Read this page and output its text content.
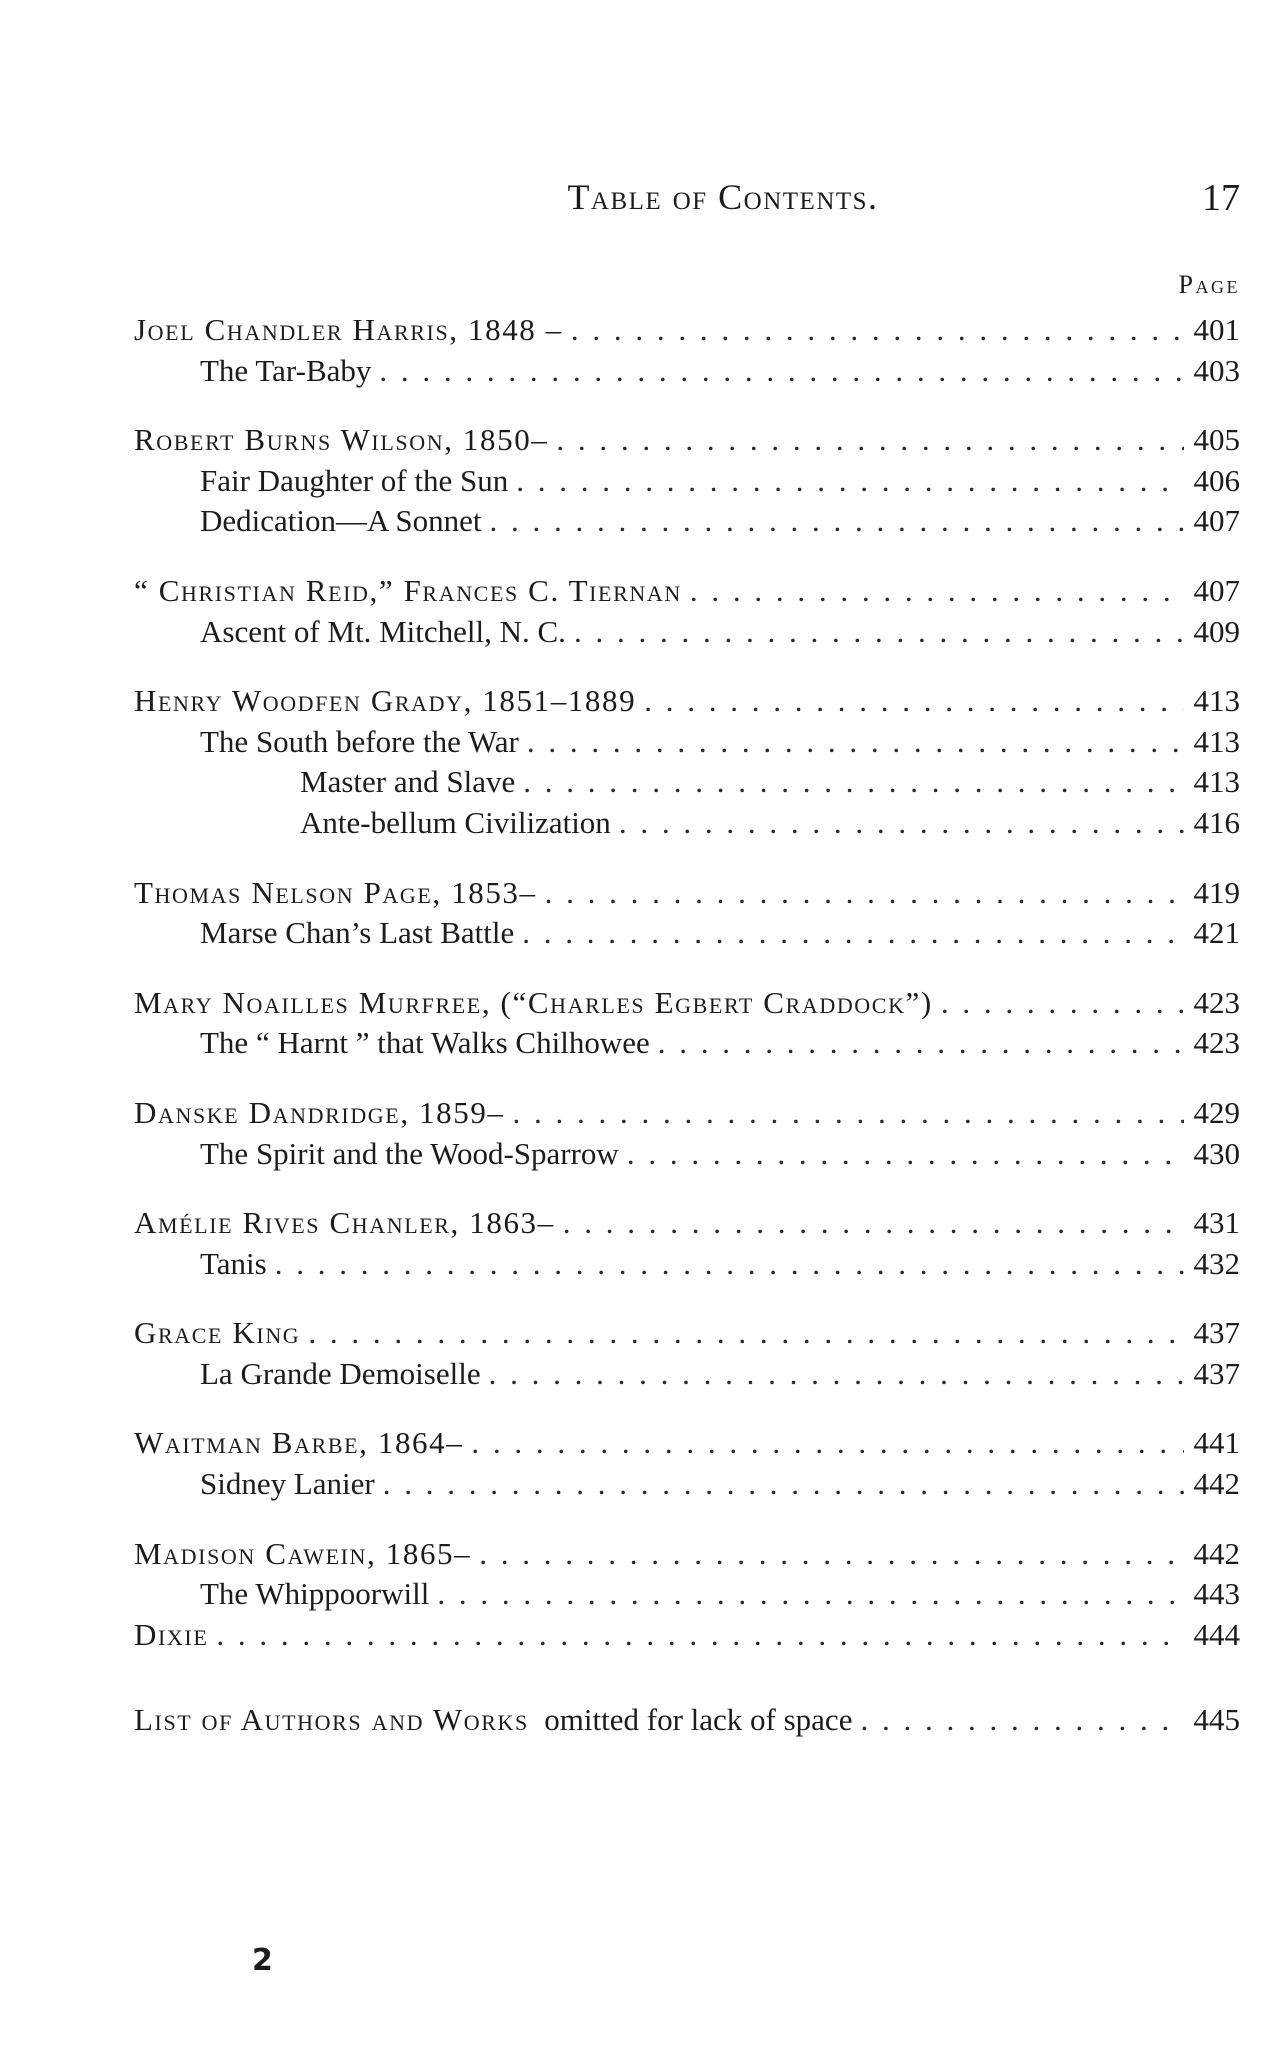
Table of Contents.	17
Page
Joel Chandler Harris, 1848 – . . .	401
The Tar-Baby . . .	403
Robert Burns Wilson, 1850– . . .	405
Fair Daughter of the Sun . . .	406
Dedication—A Sonnet . . .	407
“ Christian Reid,” Frances C. Tiernan . . .	407
Ascent of Mt. Mitchell, N. C. . . .	409
Henry Woodfen Grady, 1851–1889 . . .	413
The South before the War . . .	413
Master and Slave . . .	413
Ante-bellum Civilization . . .	416
Thomas Nelson Page, 1853– . . .	419
Marse Chan’s Last Battle . . .	421
Mary Noailles Murfree, (“Charles Egbert Craddock”) . . .	423
The “ Harnt ” that Walks Chilhowee . . .	423
Danske Dandridge, 1859– . . .	429
The Spirit and the Wood-Sparrow . . .	430
Amélie Rives Chanler, 1863– . . .	431
Tanis . . .	432
Grace King . . .	437
La Grande Demoiselle . . .	437
Waitman Barbe, 1864– . . .	441
Sidney Lanier . . .	442
Madison Cawein, 1865– . . .	442
The Whippoorwill . . .	443
Dixie . . .	444
List of Authors and Works omitted for lack of space . . .	445
2
